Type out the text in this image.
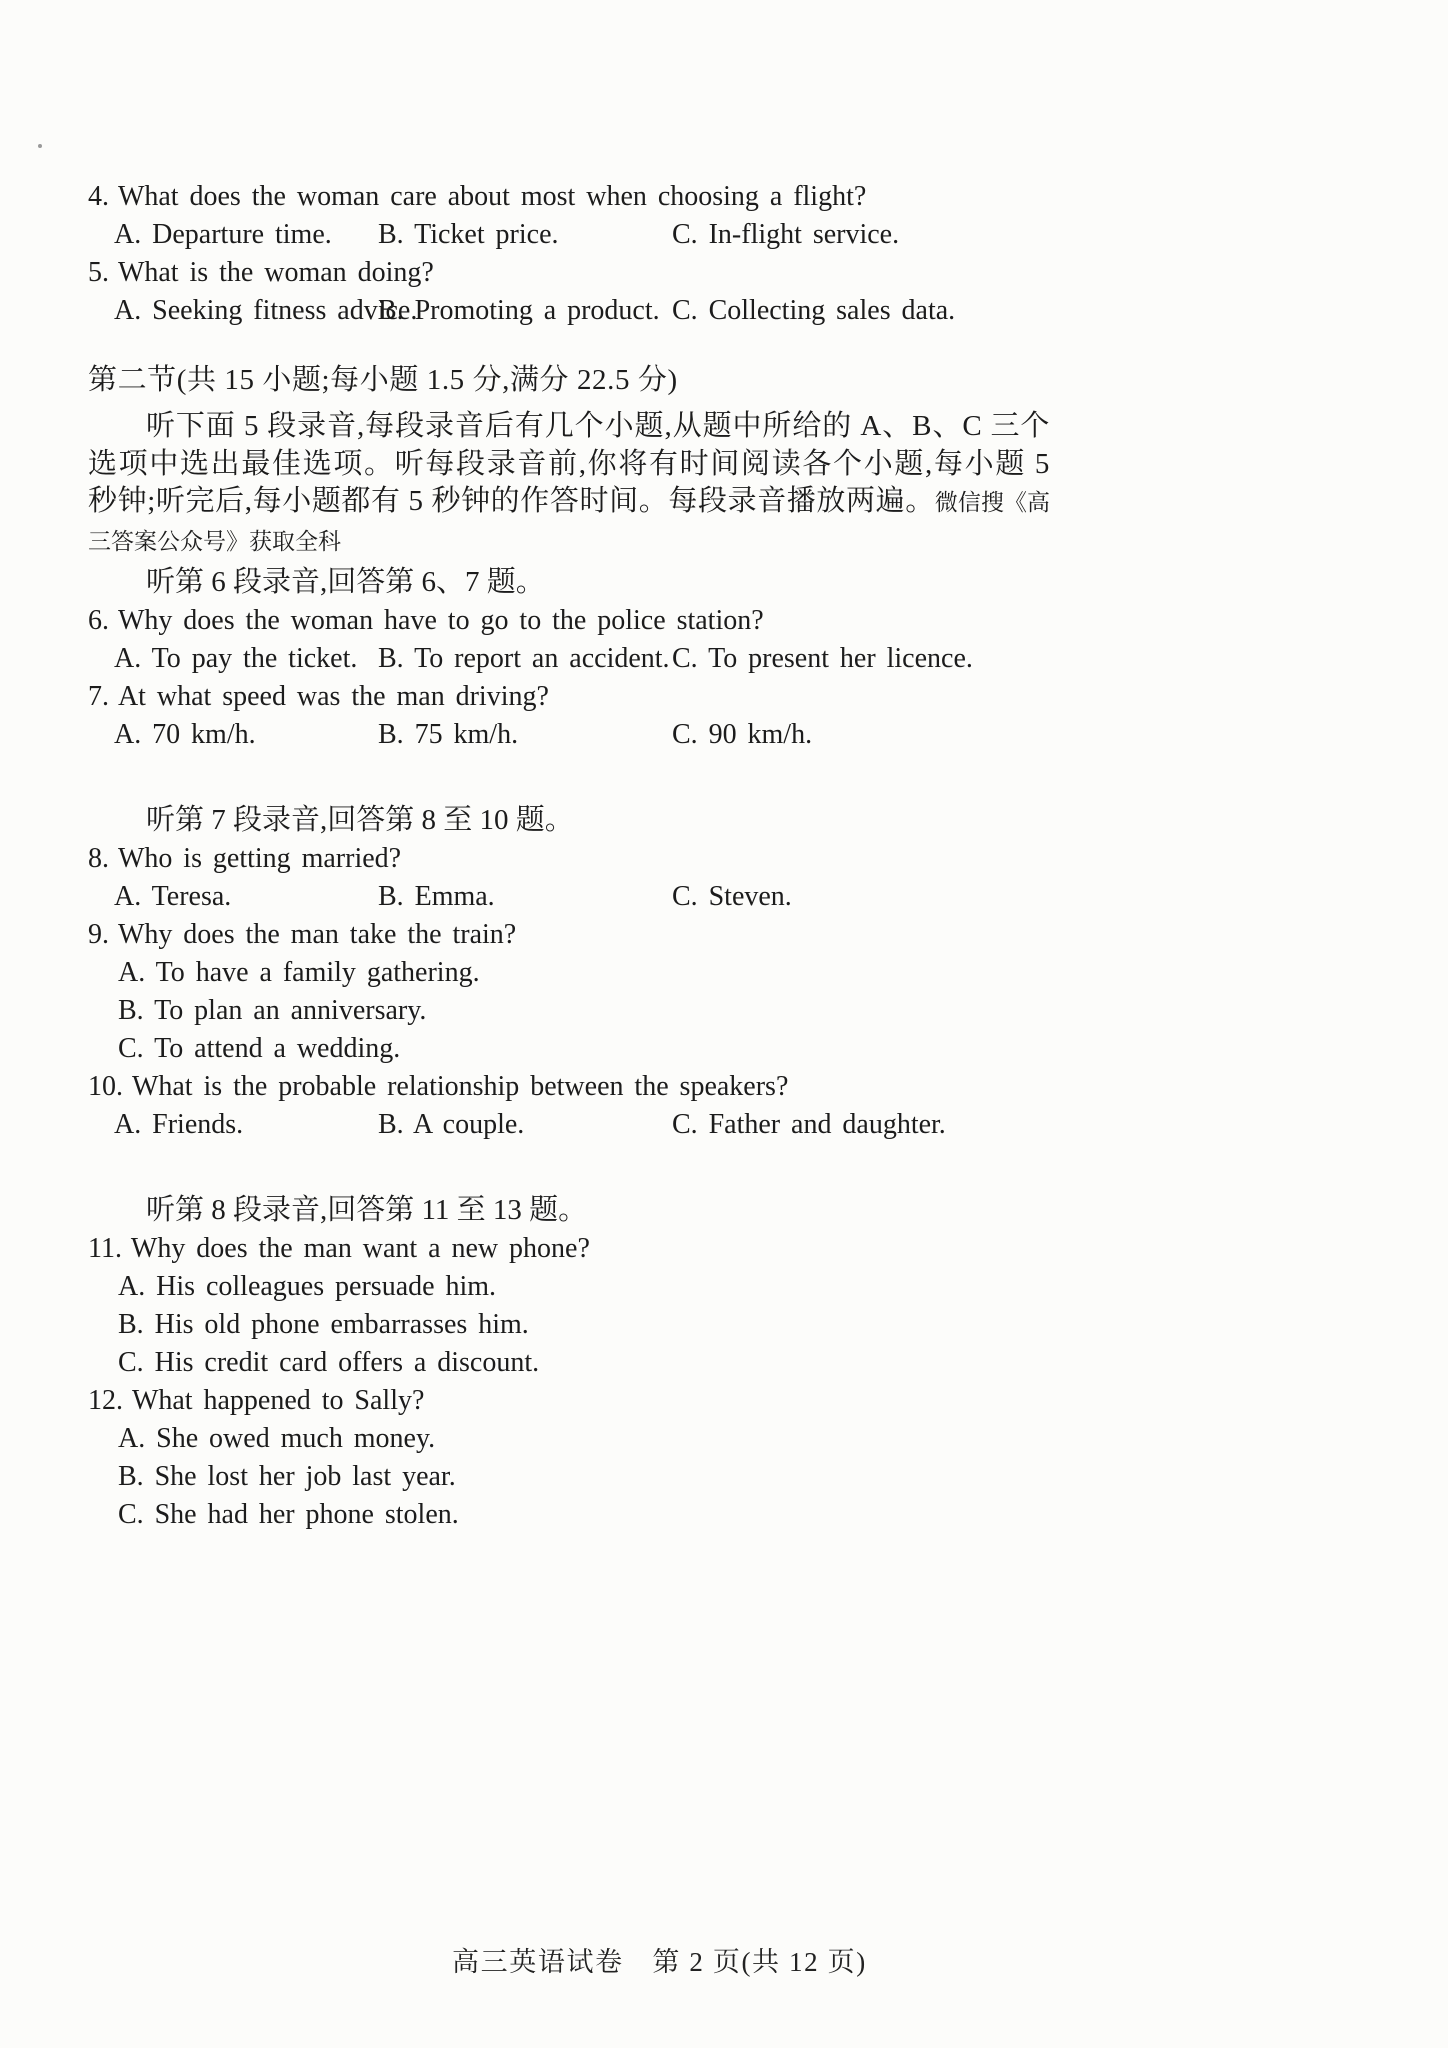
4. What does the woman care about most when choosing a flight?
A. Departure time.	B. Ticket price.	C. In-flight service.
5. What is the woman doing?
A. Seeking fitness advice.
B. Promoting a product. C. Collecting sales data.
第二节(共 15 小题;每小题 1.5 分,满分 22.5 分)

听下面 5 段录音,每段录音后有几个小题,从题中所给的 A、B、C 三个选项中选出最佳选项。听每段录音前,你将有时间阅读各个小题,每小题 5 秒钟;听完后,每小题都有 5 秒钟的作答时间。每段录音播放两遍。微信搜《高三答案公众号》获取全科

听第 6 段录音,回答第 6、7 题。
6. Why does the woman have to go to the police station?
A. To pay the ticket. B. To report an accident. C. To present her licence.
7. At what speed was the man driving?
A. 70 km/h.	B. 75 km/h.	C. 90 km/h.
听第 7 段录音,回答第 8 至 10 题。
8. Who is getting married?
A. Teresa.	B. Emma.	C. Steven.
9. Why does the man take the train?
A. To have a family gathering.
B. To plan an anniversary.
C. To attend a wedding.
10. What is the probable relationship between the speakers?
A. Friends.	B. A couple.	C. Father and daughter.
听第 8 段录音,回答第 11 至 13 题。
11. Why does the man want a new phone?
A. His colleagues persuade him.
B. His old phone embarrasses him.
C. His credit card offers a discount.
12. What happened to Sally?
A. She owed much money.
B. She lost her job last year.
C. She had her phone stolen.
高三英语试卷　第 2 页(共 12 页)
